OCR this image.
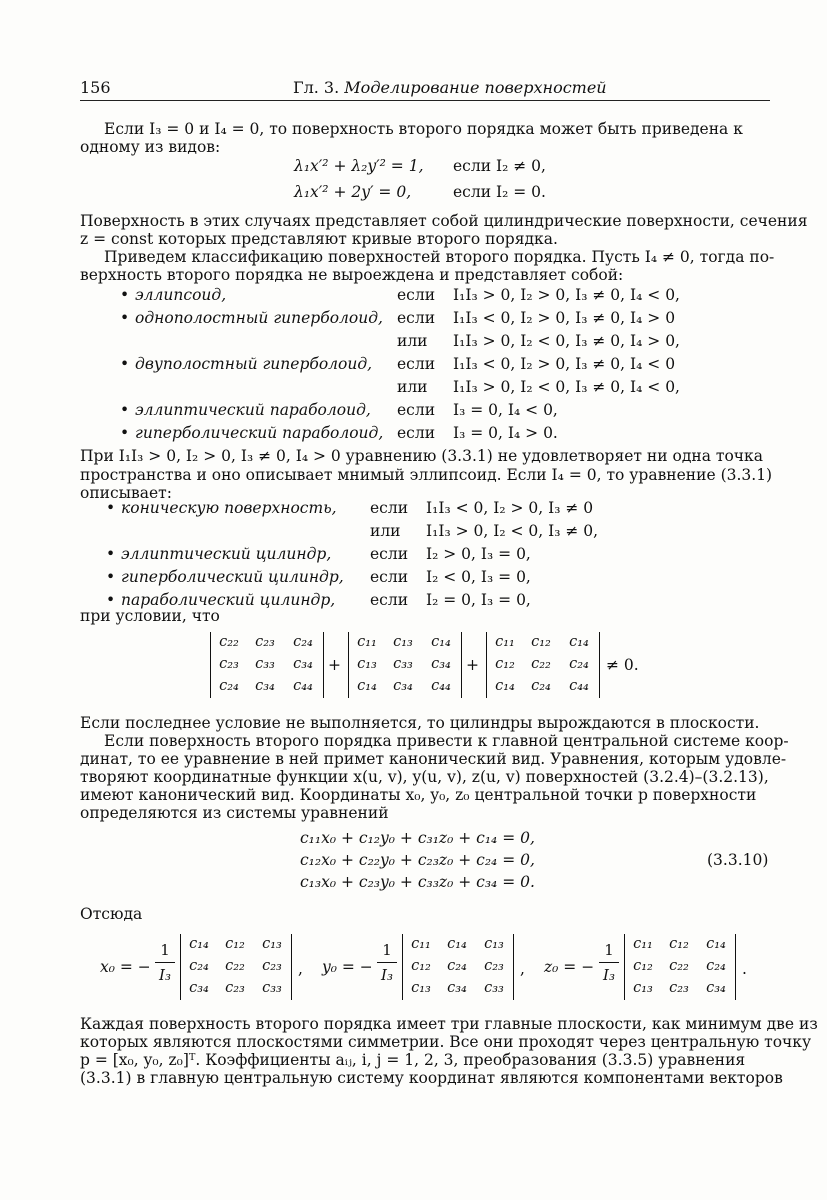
156	Гл. 3. Моделирование поверхностей
Если I₃ = 0 и I₄ = 0, то поверхность второго порядка может быть приведена к
одному из видов:
λ₁x′² + λ₂y′² = 1, если I₂ ≠ 0,
λ₁x′² + 2y′ = 0,	если I₂ = 0.
Поверхность в этих случаях представляет собой цилиндрические поверхности, сечения
z = const которых представляют кривые второго порядка.
Приведем классификацию поверхностей второго порядка. Пусть I₄ ≠ 0, тогда по-
верхность второго порядка не выроеждена и представляет собой:
• эллипсоид,	если I₁I₃ > 0, I₂ > 0, I₃ ≠ 0, I₄ < 0,
• однополостный гиперболоид, если I₁I₃ < 0, I₂ > 0, I₃ ≠ 0, I₄ > 0
или I₁I₃ > 0, I₂ < 0, I₃ ≠ 0, I₄ > 0,
• двуполостный гиперболоид, если I₁I₃ < 0, I₂ > 0, I₃ ≠ 0, I₄ < 0
или I₁I₃ > 0, I₂ < 0, I₃ ≠ 0, I₄ < 0,
• эллиптический параболоид, если I₃ = 0, I₄ < 0,
• гиперболический параболоид, если I₃ = 0, I₄ > 0.
При I₁I₃ > 0, I₂ > 0, I₃ ≠ 0, I₄ > 0 уравнению (3.3.1) не удовлетворяет ни одна точка
пространства и оно описывает мнимый эллипсоид. Если I₄ = 0, то уравнение (3.3.1)
описывает:
• коническую поверхность, если I₁I₃ < 0, I₂ > 0, I₃ ≠ 0
или I₁I₃ > 0, I₂ < 0, I₃ ≠ 0,
• эллиптический цилиндр,	если I₂ > 0, I₃ = 0,
• гиперболический цилиндр, если I₂ < 0, I₃ = 0,
• параболический цилиндр, если I₂ = 0, I₃ = 0,
при условии, что
c₂₂	c₂₃	c₂₄
c₂₃	c₃₃	c₃₄
c₂₄	c₃₄	c₄₄
+
c₁₁	c₁₃	c₁₄
c₁₃	c₃₃	c₃₄
c₁₄	c₃₄	c₄₄
+
c₁₁	c₁₂	c₁₄
c₁₂	c₂₂	c₂₄
c₁₄	c₂₄	c₄₄
≠ 0.
Если последнее условие не выполняется, то цилиндры вырождаются в плоскости.
Если поверхность второго порядка привести к главной центральной системе коор-
динат, то ее уравнение в ней примет канонический вид. Уравнения, которым удовле-
творяют координатные функции x(u, v), y(u, v), z(u, v) поверхностей (3.2.4)–(3.2.13),
имеют канонический вид. Координаты x₀, y₀, z₀ центральной точки p поверхности
определяются из системы уравнений
c₁₁x₀ + c₁₂y₀ + c₃₁z₀ + c₁₄ = 0,
c₁₂x₀ + c₂₂y₀ + c₂₃z₀ + c₂₄ = 0,	(3.3.10)
c₁₃x₀ + c₂₃y₀ + c₃₃z₀ + c₃₄ = 0.
Отсюда
x₀ = −
1
I₃
c₁₄	c₁₂	c₁₃
c₂₄	c₂₂	c₂₃
c₃₄	c₂₃	c₃₃
, y₀ = −
1
I₃
c₁₁	c₁₄	c₁₃
c₁₂	c₂₄	c₂₃
c₁₃	c₃₄	c₃₃
, z₀ = −
1
I₃
c₁₁	c₁₂	c₁₄
c₁₂	c₂₂	c₂₄
c₁₃	c₂₃	c₃₄
.
Каждая поверхность второго порядка имеет три главные плоскости, как минимум две из
которых являются плоскостями симметрии. Все они проходят через центральную точку
p = [x₀, y₀, z₀]ᵀ. Коэффициенты aᵢⱼ, i, j = 1, 2, 3, преобразования (3.3.5) уравнения
(3.3.1) в главную центральную систему координат являются компонентами векторов
